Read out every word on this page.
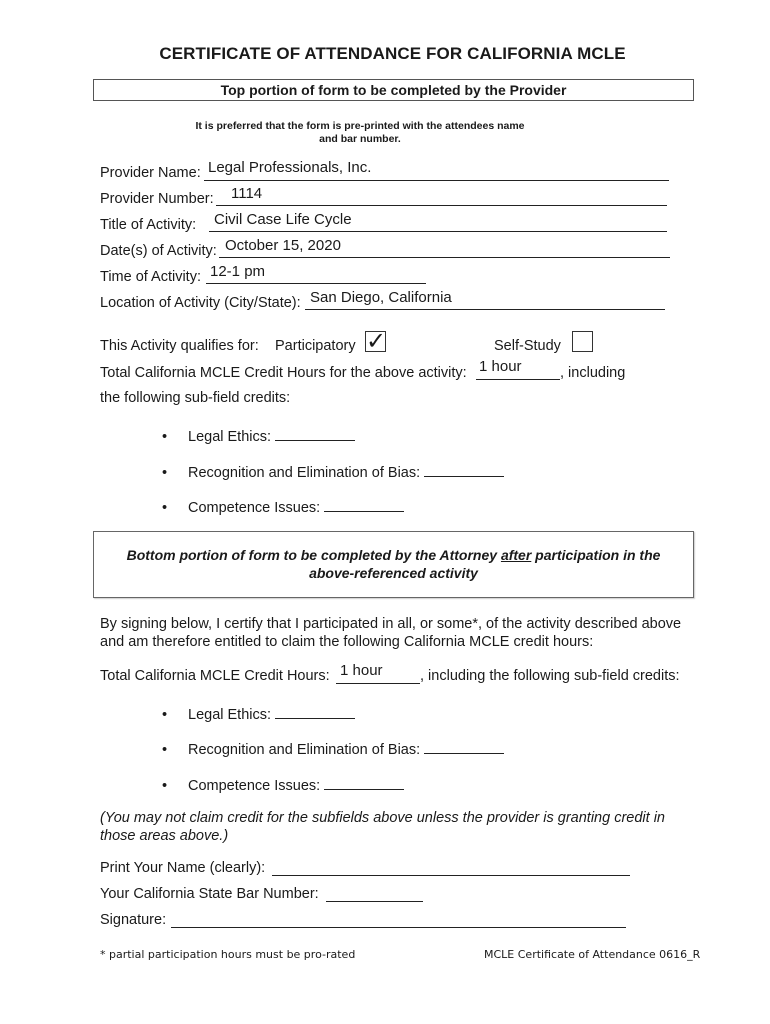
CERTIFICATE OF ATTENDANCE FOR CALIFORNIA MCLE
Top portion of form to be completed by the Provider
It is preferred that the form is pre-printed with the attendees name
and bar number.
Provider Name: Legal Professionals, Inc.
Provider Number: 1114
Title of Activity: Civil Case Life Cycle
Date(s) of Activity: October 15, 2020
Time of Activity: 12-1 pm
Location of Activity (City/State): San Diego, California
This Activity qualifies for: Participatory ✓	Self-Study
Total California MCLE Credit Hours for the above activity: 1 hour	, including
the following sub-field credits:
• Legal Ethics:
• Recognition and Elimination of Bias:
• Competence Issues:
Bottom portion of form to be completed by the Attorney after participation in the
above-referenced activity
By signing below, I certify that I participated in all, or some*, of the activity described above
and am therefore entitled to claim the following California MCLE credit hours:
Total California MCLE Credit Hours: 1 hour	, including the following sub-field credits:
• Legal Ethics:
• Recognition and Elimination of Bias:
• Competence Issues:
(You may not claim credit for the subfields above unless the provider is granting credit in
those areas above.)
Print Your Name (clearly):
Your California State Bar Number:
Signature:
* partial participation hours must be pro-rated	MCLE Certificate of Attendance 0616_R
